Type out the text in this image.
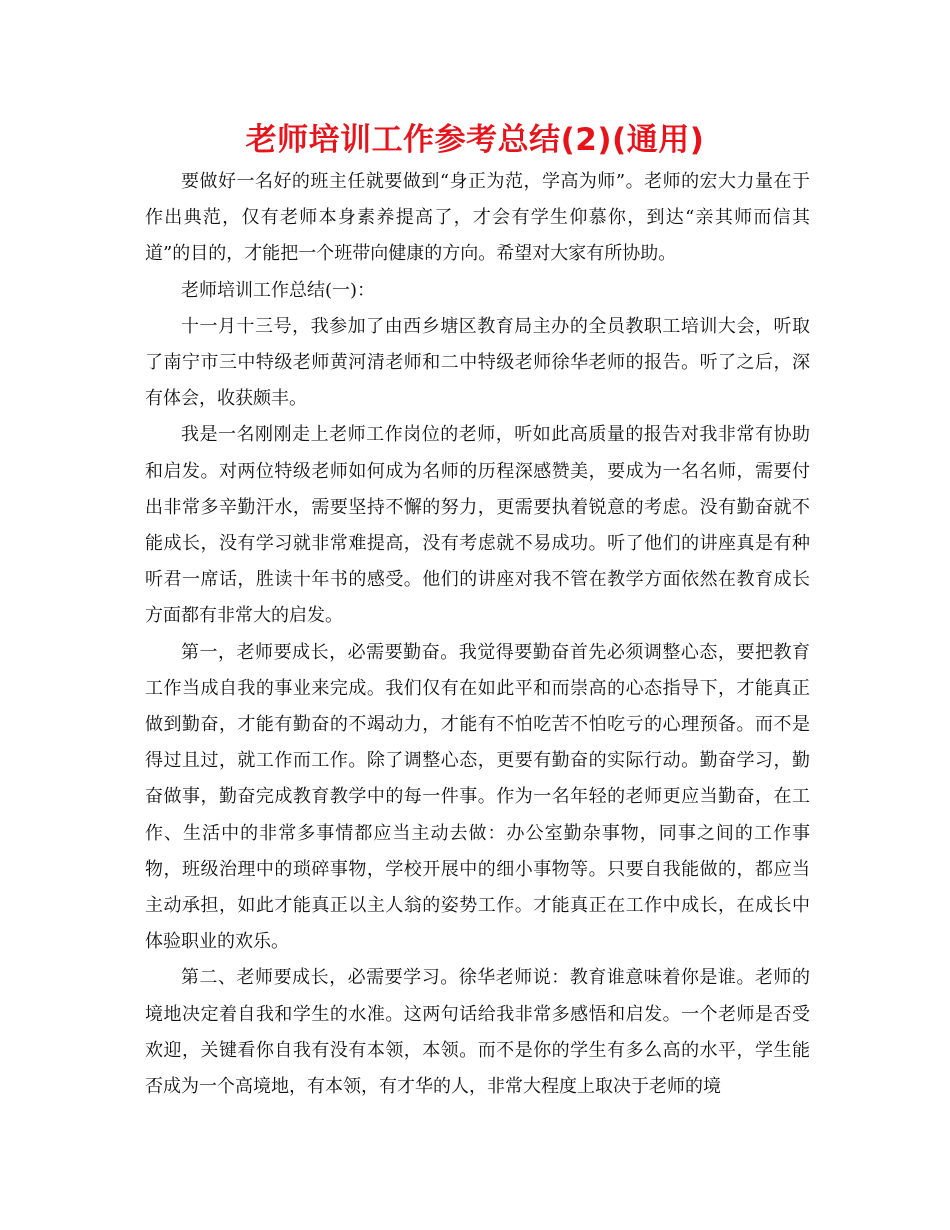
老师培训工作参考总结(2)(通用)

要做好一名好的班主任就要做到“身正为范，学高为师”。老师的宏大力量在于作出典范，仅有老师本身素养提高了，才会有学生仰慕你，到达“亲其师而信其道”的目的，才能把一个班带向健康的方向。希望对大家有所协助。

老师培训工作总结(一)：

十一月十三号，我参加了由西乡塘区教育局主办的全员教职工培训大会，听取了南宁市三中特级老师黄河清老师和二中特级老师徐华老师的报告。听了之后，深有体会，收获颇丰。

我是一名刚刚走上老师工作岗位的老师，听如此高质量的报告对我非常有协助和启发。对两位特级老师如何成为名师的历程深感赞美，要成为一名名师，需要付出非常多辛勤汗水，需要坚持不懈的努力，更需要执着锐意的考虑。没有勤奋就不能成长，没有学习就非常难提高，没有考虑就不易成功。听了他们的讲座真是有种听君一席话，胜读十年书的感受。他们的讲座对我不管在教学方面依然在教育成长方面都有非常大的启发。

第一，老师要成长，必需要勤奋。我觉得要勤奋首先必须调整心态，要把教育工作当成自我的事业来完成。我们仅有在如此平和而崇高的心态指导下，才能真正做到勤奋，才能有勤奋的不竭动力，才能有不怕吃苦不怕吃亏的心理预备。而不是得过且过，就工作而工作。除了调整心态，更要有勤奋的实际行动。勤奋学习，勤奋做事，勤奋完成教育教学中的每一件事。作为一名年轻的老师更应当勤奋，在工作、生活中的非常多事情都应当主动去做：办公室勤杂事物，同事之间的工作事物，班级治理中的琐碎事物，学校开展中的细小事物等。只要自我能做的，都应当主动承担，如此才能真正以主人翁的姿势工作。才能真正在工作中成长，在成长中体验职业的欢乐。

第二、老师要成长，必需要学习。徐华老师说：教育谁意味着你是谁。老师的境地决定着自我和学生的水准。这两句话给我非常多感悟和启发。一个老师是否受欢迎，关键看你自我有没有本领，本领。而不是你的学生有多么高的水平，学生能否成为一个高境地，有本领，有才华的人，非常大程度上取决于老师的境
